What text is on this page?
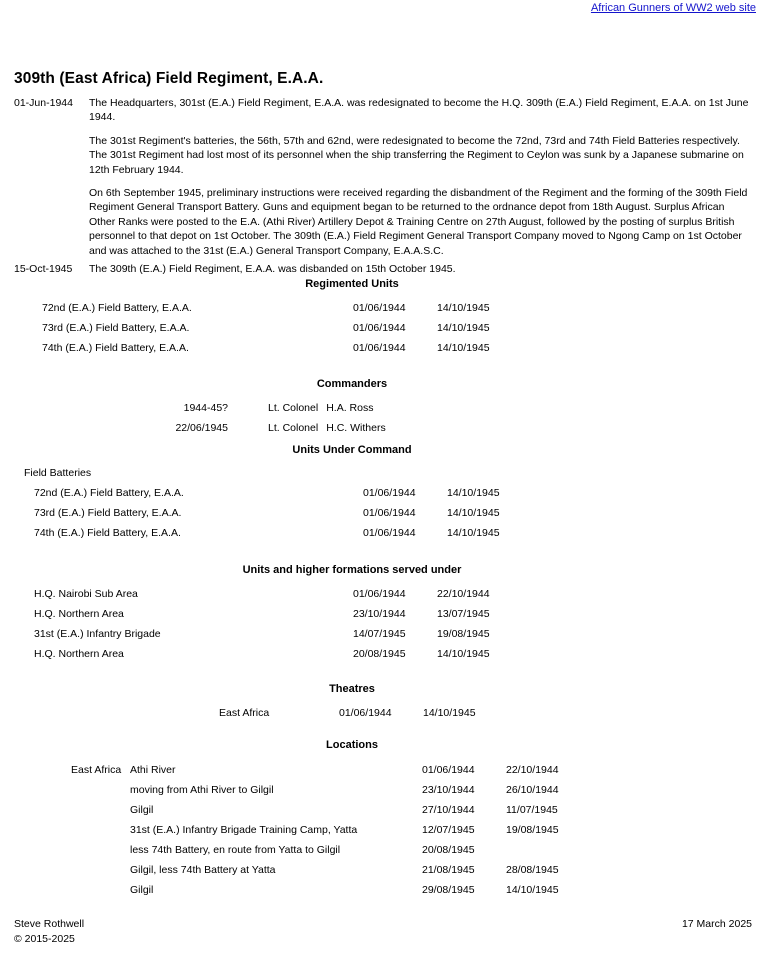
African Gunners of WW2 web site
309th (East Africa) Field Regiment, E.A.A.
01-Jun-1944	The Headquarters, 301st (E.A.) Field Regiment, E.A.A. was redesignated to become the H.Q. 309th (E.A.) Field Regiment, E.A.A. on 1st June 1944.

The 301st Regiment's batteries, the 56th, 57th and 62nd, were redesignated to become the 72nd, 73rd and 74th Field Batteries respectively. The 301st Regiment had lost most of its personnel when the ship transferring the Regiment to Ceylon was sunk by a Japanese submarine on 12th February 1944.

On 6th September 1945, preliminary instructions were received regarding the disbandment of the Regiment and the forming of the 309th Field Regiment General Transport Battery. Guns and equipment began to be returned to the ordnance depot from 18th August. Surplus African Other Ranks were posted to the E.A. (Athi River) Artillery Depot & Training Centre on 27th August, followed by the posting of surplus British personnel to that depot on 1st October. The 309th (E.A.) Field Regiment General Transport Company moved to Ngong Camp on 1st October and was attached to the 31st (E.A.) General Transport Company, E.A.A.S.C.

15-Oct-1945	The 309th (E.A.) Field Regiment, E.A.A. was disbanded on 15th October 1945.

Regimented Units
72nd (E.A.) Field Battery, E.A.A.	01/06/1944	14/10/1945
73rd (E.A.) Field Battery, E.A.A.	01/06/1944	14/10/1945
74th (E.A.) Field Battery, E.A.A.	01/06/1944	14/10/1945
Commanders
1944-45?		Lt. Colonel	H.A. Ross
22/06/1945		Lt. Colonel	H.C. Withers
Units Under Command
Field Batteries		
72nd (E.A.) Field Battery, E.A.A.	01/06/1944	14/10/1945
73rd (E.A.) Field Battery, E.A.A.	01/06/1944	14/10/1945
74th (E.A.) Field Battery, E.A.A.	01/06/1944	14/10/1945
Units and higher formations served under
H.Q. Nairobi Sub Area	01/06/1944	22/10/1944
H.Q. Northern Area	23/10/1944	13/07/1945
31st (E.A.) Infantry Brigade	14/07/1945	19/08/1945
H.Q. Northern Area	20/08/1945	14/10/1945
Theatres
East Africa	01/06/1944	14/10/1945
Locations
East Africa	Athi River	01/06/1944	22/10/1944
	moving from Athi River to Gilgil	23/10/1944	26/10/1944
	Gilgil	27/10/1944	11/07/1945
	31st (E.A.) Infantry Brigade Training Camp, Yatta	12/07/1945	19/08/1945
	less 74th Battery, en route from Yatta to Gilgil	20/08/1945	
	Gilgil, less 74th Battery at Yatta	21/08/1945	28/08/1945
	Gilgil	29/08/1945	14/10/1945
Steve Rothwell	17 March 2025
© 2015-2025
